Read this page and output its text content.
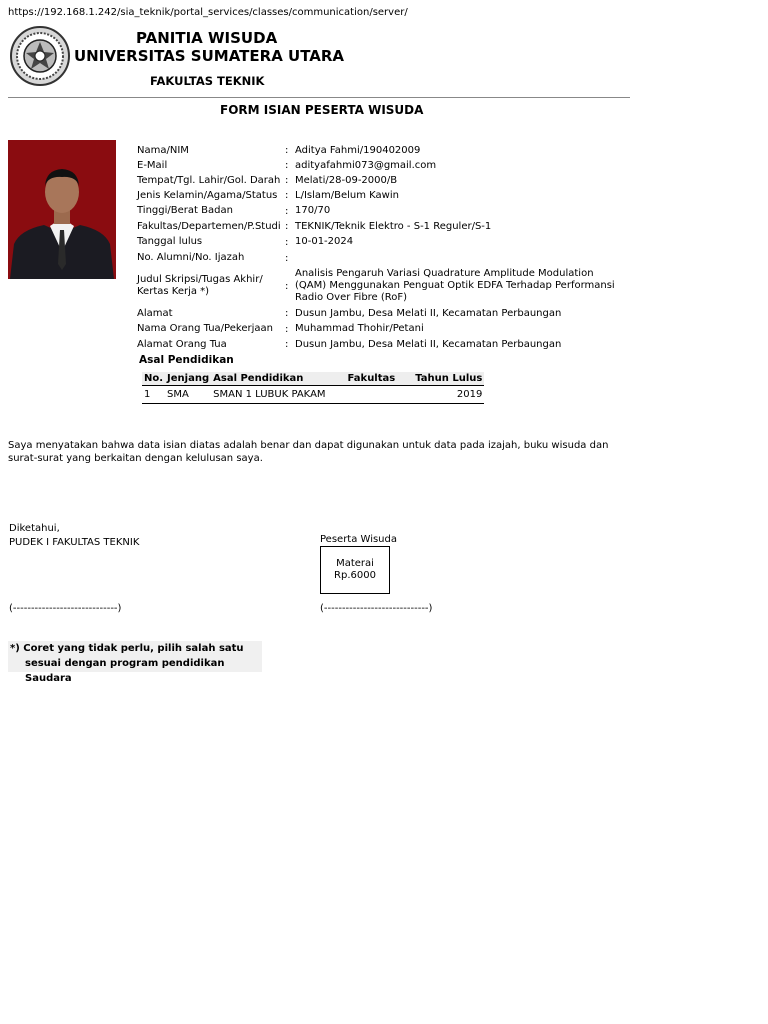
https://192.168.1.242/sia_teknik/portal_services/classes/communication/server/
PANITIA WISUDA
UNIVERSITAS SUMATERA UTARA
FAKULTAS TEKNIK
FORM ISIAN PESERTA WISUDA
Nama/NIM	: Aditya Fahmi/190402009
E-Mail	: adityafahmi073@gmail.com
Tempat/Tgl. Lahir/Gol. Darah : Melati/28-09-2000/B
Jenis Kelamin/Agama/Status : L/Islam/Belum Kawin
Tinggi/Berat Badan	: 170/70
Fakultas/Departemen/P.Studi : TEKNIK/Teknik Elektro - S-1 Reguler/S-1
Tanggal lulus	: 10-01-2024
No. Alumni/No. Ijazah	:
Judul Skripsi/Tugas Akhir/ Kertas Kerja *)	:
Analisis Pengaruh Variasi Quadrature Amplitude Modulation (QAM) Menggunakan Penguat Optik EDFA Terhadap Performansi Radio Over Fibre (RoF)
Alamat	: Dusun Jambu, Desa Melati II, Kecamatan Perbaungan
Nama Orang Tua/Pekerjaan	: Muhammad Thohir/Petani
Alamat Orang Tua	: Dusun Jambu, Desa Melati II, Kecamatan Perbaungan
Asal Pendidikan
No.	Jenjang	Asal Pendidikan	Fakultas	Tahun Lulus
1	SMA	SMAN 1 LUBUK PAKAM		2019
Saya menyatakan bahwa data isian diatas adalah benar dan dapat digunakan untuk data pada izajah, buku wisuda dan surat-surat yang berkaitan dengan kelulusan saya.
Diketahui,
PUDEK I FAKULTAS TEKNIK	Peserta Wisuda
Materai
Rp.6000
(-----------------------------)	(-----------------------------)
*) Coret yang tidak perlu, pilih salah satu
sesuai dengan program pendidikan Saudara
